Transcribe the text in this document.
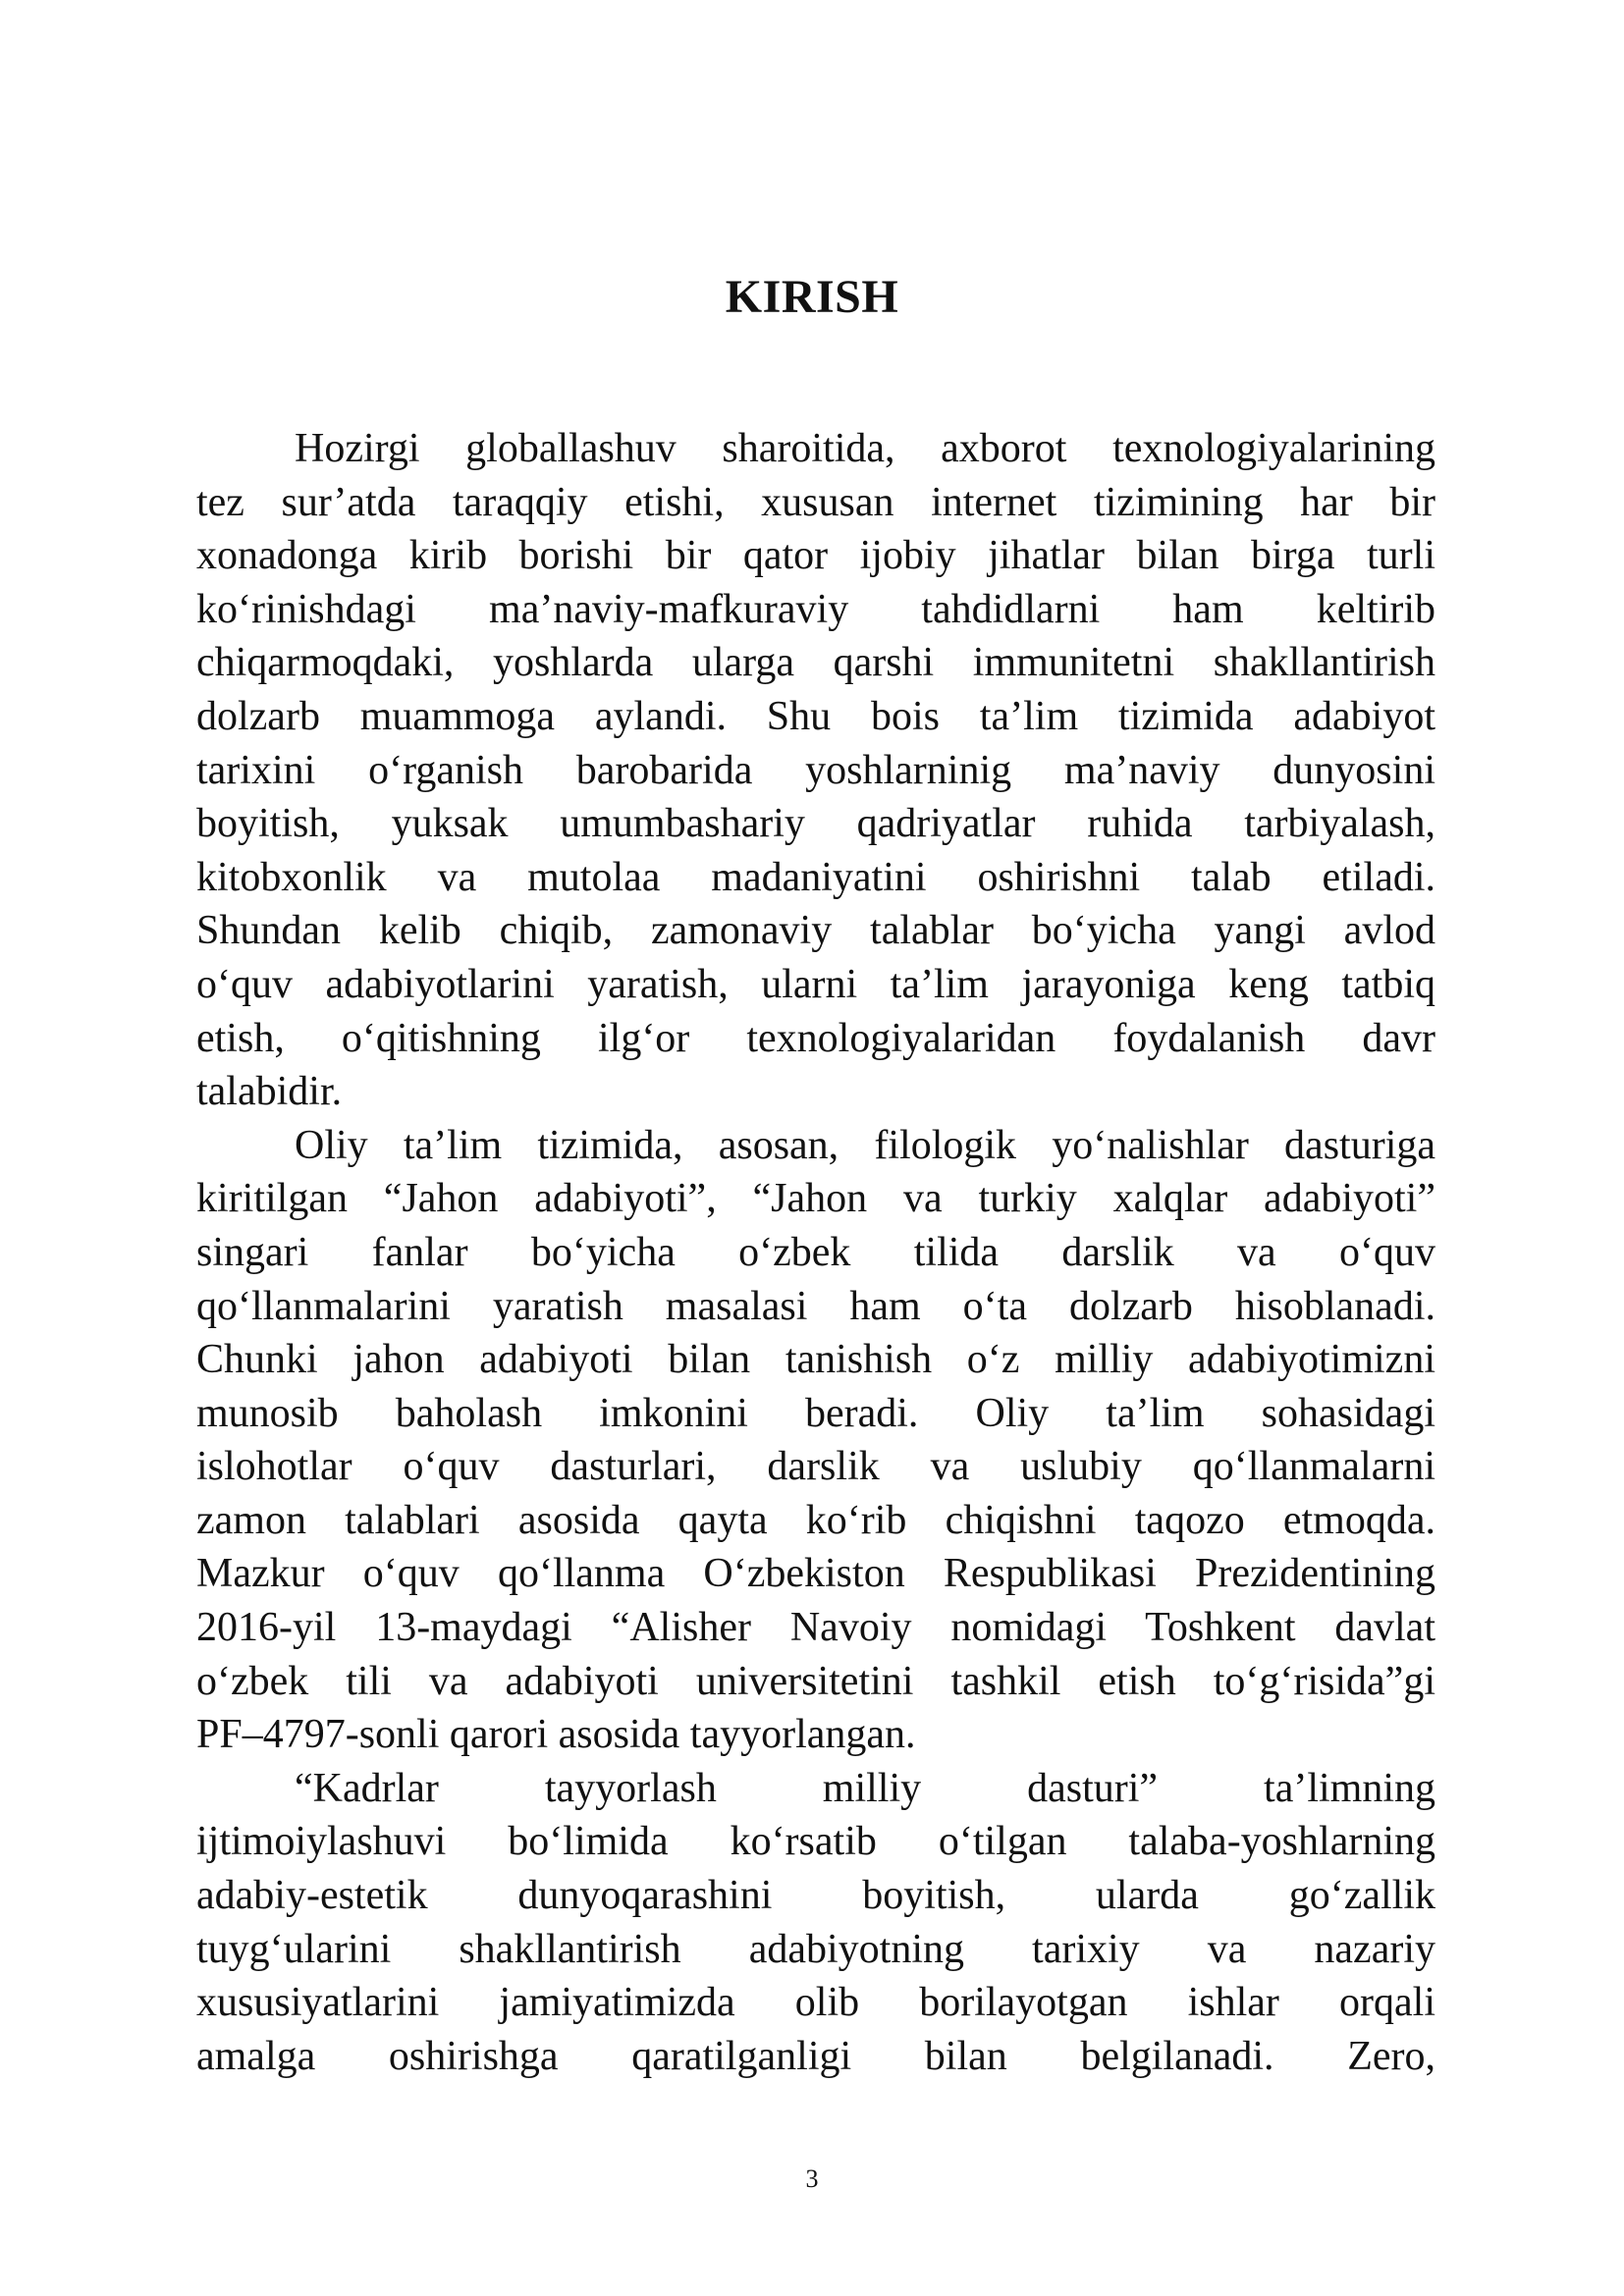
KIRISH
Hozirgi globallashuv sharoitida, axborot texnologiyalarining
tez sur’atda taraqqiy etishi, xususan internet tizimining har bir
xonadonga kirib borishi bir qator ijobiy jihatlar bilan birga turli
ko‘rinishdagi ma’naviy-mafkuraviy tahdidlarni ham keltirib
chiqarmoqdaki, yoshlarda ularga qarshi immunitetni shakllantirish
dolzarb muammoga aylandi. Shu bois ta’lim tizimida adabiyot
tarixini o‘rganish barobarida yoshlarninig ma’naviy dunyosini
boyitish, yuksak umumbashariy qadriyatlar ruhida tarbiyalash,
kitobxonlik va mutolaa madaniyatini oshirishni talab etiladi.
Shundan kelib chiqib, zamonaviy talablar bo‘yicha yangi avlod
o‘quv adabiyotlarini yaratish, ularni ta’lim jarayoniga keng tatbiq
etish, o‘qitishning ilg‘or texnologiyalaridan foydalanish davr
talabidir.
Oliy ta’lim tizimida, asosan, filologik yo‘nalishlar dasturiga
kiritilgan “Jahon adabiyoti”, “Jahon va turkiy xalqlar adabiyoti”
singari fanlar bo‘yicha o‘zbek tilida darslik va o‘quv
qo‘llanmalarini yaratish masalasi ham o‘ta dolzarb hisoblanadi.
Chunki jahon adabiyoti bilan tanishish o‘z milliy adabiyotimizni
munosib baholash imkonini beradi. Oliy ta’lim sohasidagi
islohotlar o‘quv dasturlari, darslik va uslubiy qo‘llanmalarni
zamon talablari asosida qayta ko‘rib chiqishni taqozo etmoqda.
Mazkur o‘quv qo‘llanma O‘zbekiston Respublikasi Prezidentining
2016-yil 13-maydagi “Alisher Navoiy nomidagi Toshkent davlat
o‘zbek tili va adabiyoti universitetini tashkil etish to‘g‘risida”gi
PF–4797-sonli qarori asosida tayyorlangan.
“Kadrlar tayyorlash milliy dasturi” ta’limning
ijtimoiylashuvi bo‘limida ko‘rsatib o‘tilgan talaba-yoshlarning
adabiy-estetik dunyoqarashini boyitish, ularda go‘zallik
tuyg‘ularini shakllantirish adabiyotning tarixiy va nazariy
xususiyatlarini jamiyatimizda olib borilayotgan ishlar orqali
amalga oshirishga qaratilganligi bilan belgilanadi. Zero,
3
